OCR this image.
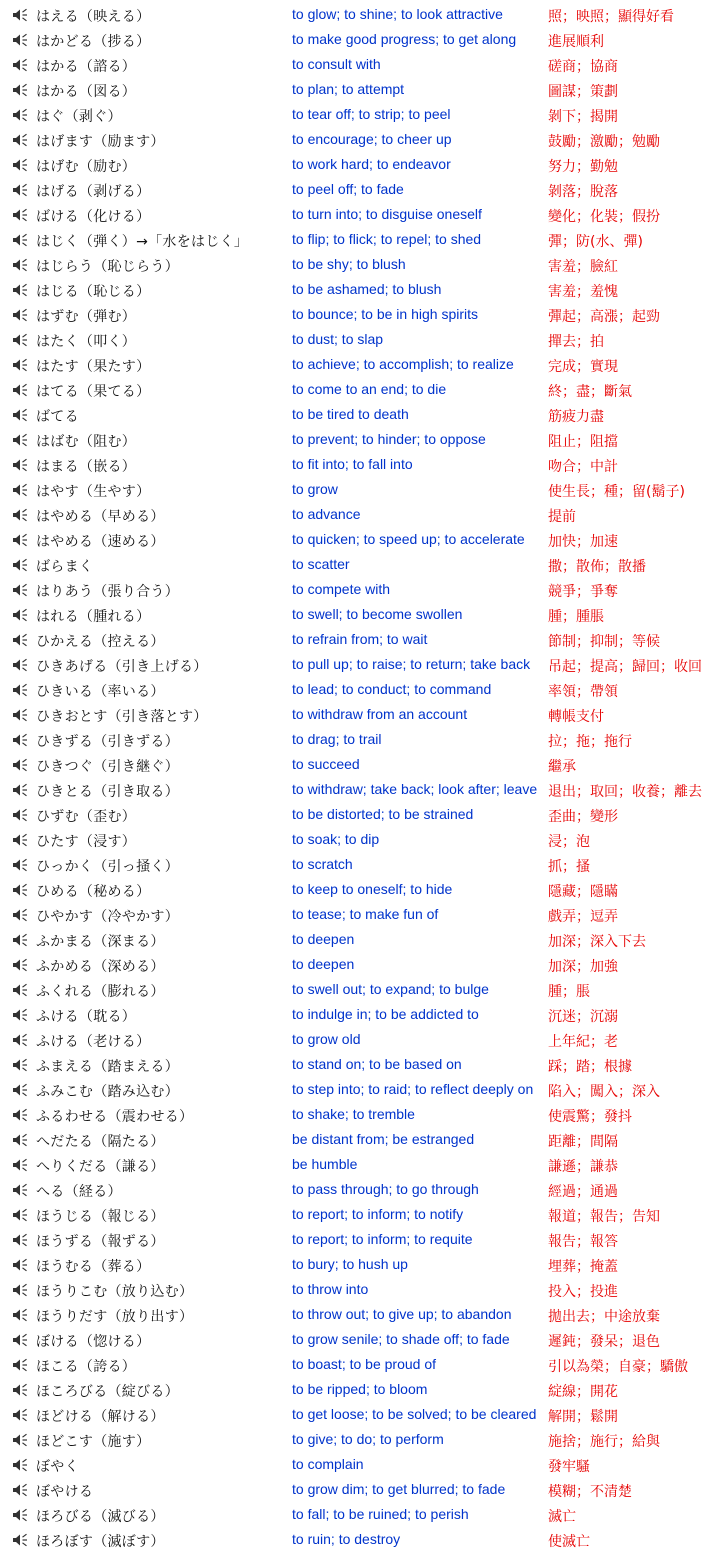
はえる（映える）	to glow; to shine; to look attractive	照；映照；顯得好看
はかどる（捗る）	to make good progress; to get along 進展順利
はかる（諮る）	to consult with	磋商；協商
はかる（図る）	to plan; to attempt	圖謀；策劃
はぐ（剥ぐ）	to tear off; to strip; to peel	剝下；揭開
はげます（励ます）	to encourage; to cheer up	鼓勵；激勵；勉勵
はげむ（励む）	to work hard; to endeavor	努力；勤勉
はげる（剥げる）	to peel off; to fade	剝落；脫落
ばける（化ける）	to turn into; to disguise oneself	變化；化裝；假扮
はじく（弾く）→「水をはじく」	to flip; to flick; to repel; to shed	彈；防(水、彈)
はじらう（恥じらう）	to be shy; to blush	害羞；臉紅
はじる（恥じる）	to be ashamed; to blush	害羞；羞愧
はずむ（弾む）	to bounce; to be in high spirits	彈起；高漲；起勁
はたく（叩く）	to dust; to slap	撣去；拍
はたす（果たす）	to achieve; to accomplish; to realize 完成；實現
はてる（果てる）	to come to an end; to die	終；盡；斷氣
ばてる	to be tired to death	筋疲力盡
はばむ（阻む）	to prevent; to hinder; to oppose	阻止；阻擋
はまる（嵌る）	to fit into; to fall into	吻合；中計
はやす（生やす）	to grow	使生長；種；留(鬍子)
はやめる（早める）	to advance	提前
はやめる（速める）	to quicken; to speed up; to accelerate 加快；加速
ばらまく	to scatter	撒；散佈；散播
はりあう（張り合う）	to compete with	競爭；爭奪
はれる（腫れる）	to swell; to become swollen	腫；腫脹
ひかえる（控える）	to refrain from; to wait	節制；抑制；等候
ひきあげる（引き上げる）	to pull up; to raise; to return; take back 吊起；提高；歸回；收回
ひきいる（率いる）	to lead; to conduct; to command	率領；帶領
ひきおとす（引き落とす）	to withdraw from an account	轉帳支付
ひきずる（引きずる）	to drag; to trail	拉；拖；拖行
ひきつぐ（引き継ぐ）	to succeed	繼承
ひきとる（引き取る）	to withdraw; take back; look after; leave 退出；取回；收養；離去
ひずむ（歪む）	to be distorted; to be strained	歪曲；變形
ひたす（浸す）	to soak; to dip	浸；泡
ひっかく（引っ掻く）	to scratch	抓；搔
ひめる（秘める）	to keep to oneself; to hide	隱藏；隱瞞
ひやかす（冷やかす）	to tease; to make fun of	戲弄；逗弄
ふかまる（深まる）	to deepen	加深；深入下去
ふかめる（深める）	to deepen	加深；加強
ふくれる（膨れる）	to swell out; to expand; to bulge	腫；脹
ふける（耽る）	to indulge in; to be addicted to	沉迷；沉溺
ふける（老ける）	to grow old	上年紀；老
ふまえる（踏まえる）	to stand on; to be based on	踩；踏；根據
ふみこむ（踏み込む）	to step into; to raid; to reflect deeply on 陷入；闖入；深入
ふるわせる（震わせる）	to shake; to tremble	使震驚；發抖
へだたる（隔たる）	be distant from; be estranged	距離；間隔
へりくだる（謙る）	be humble	謙遜；謙恭
へる（経る）	to pass through; to go through	經過；通過
ほうじる（報じる）	to report; to inform; to notify	報道；報告；告知
ほうずる（報ずる）	to report; to inform; to requite	報告；報答
ほうむる（葬る）	to bury; to hush up	埋葬；掩蓋
ほうりこむ（放り込む）	to throw into	投入；投進
ほうりだす（放り出す）	to throw out; to give up; to abandon	拋出去；中途放棄
ぼける（惚ける）	to grow senile; to shade off; to fade	遲鈍；發呆；退色
ほこる（誇る）	to boast; to be proud of	引以為榮；自豪；驕傲
ほころびる（綻びる）	to be ripped; to bloom	綻線；開花
ほどける（解ける）	to get loose; to be solved; to be cleared 解開；鬆開
ほどこす（施す）	to give; to do; to perform	施捨；施行；給與
ぼやく	to complain	發牢騷
ぼやける	to grow dim; to get blurred; to fade	模糊；不清楚
ほろびる（滅びる）	to fall; to be ruined; to perish	滅亡
ほろぼす（滅ぼす）	to ruin; to destroy	使滅亡
